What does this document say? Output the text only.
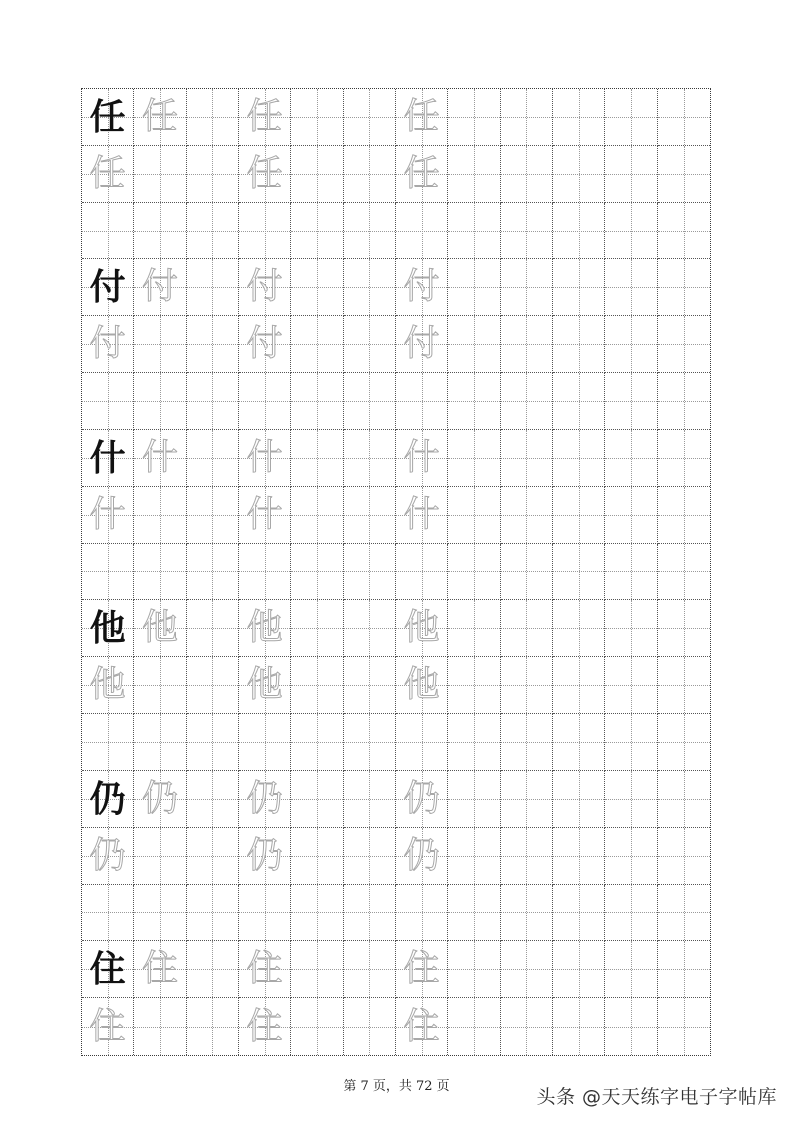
任 任 任	任
任	任	任
付 付 付	付
付	付	付
什 什 什	什
什	什	什
他 他 他	他
他	他	他
仍 仍 仍	仍
仍	仍	仍
住 住 住	住
住	住	住
第 7 页，共 72 页	头条 @天天练字电子字帖库
